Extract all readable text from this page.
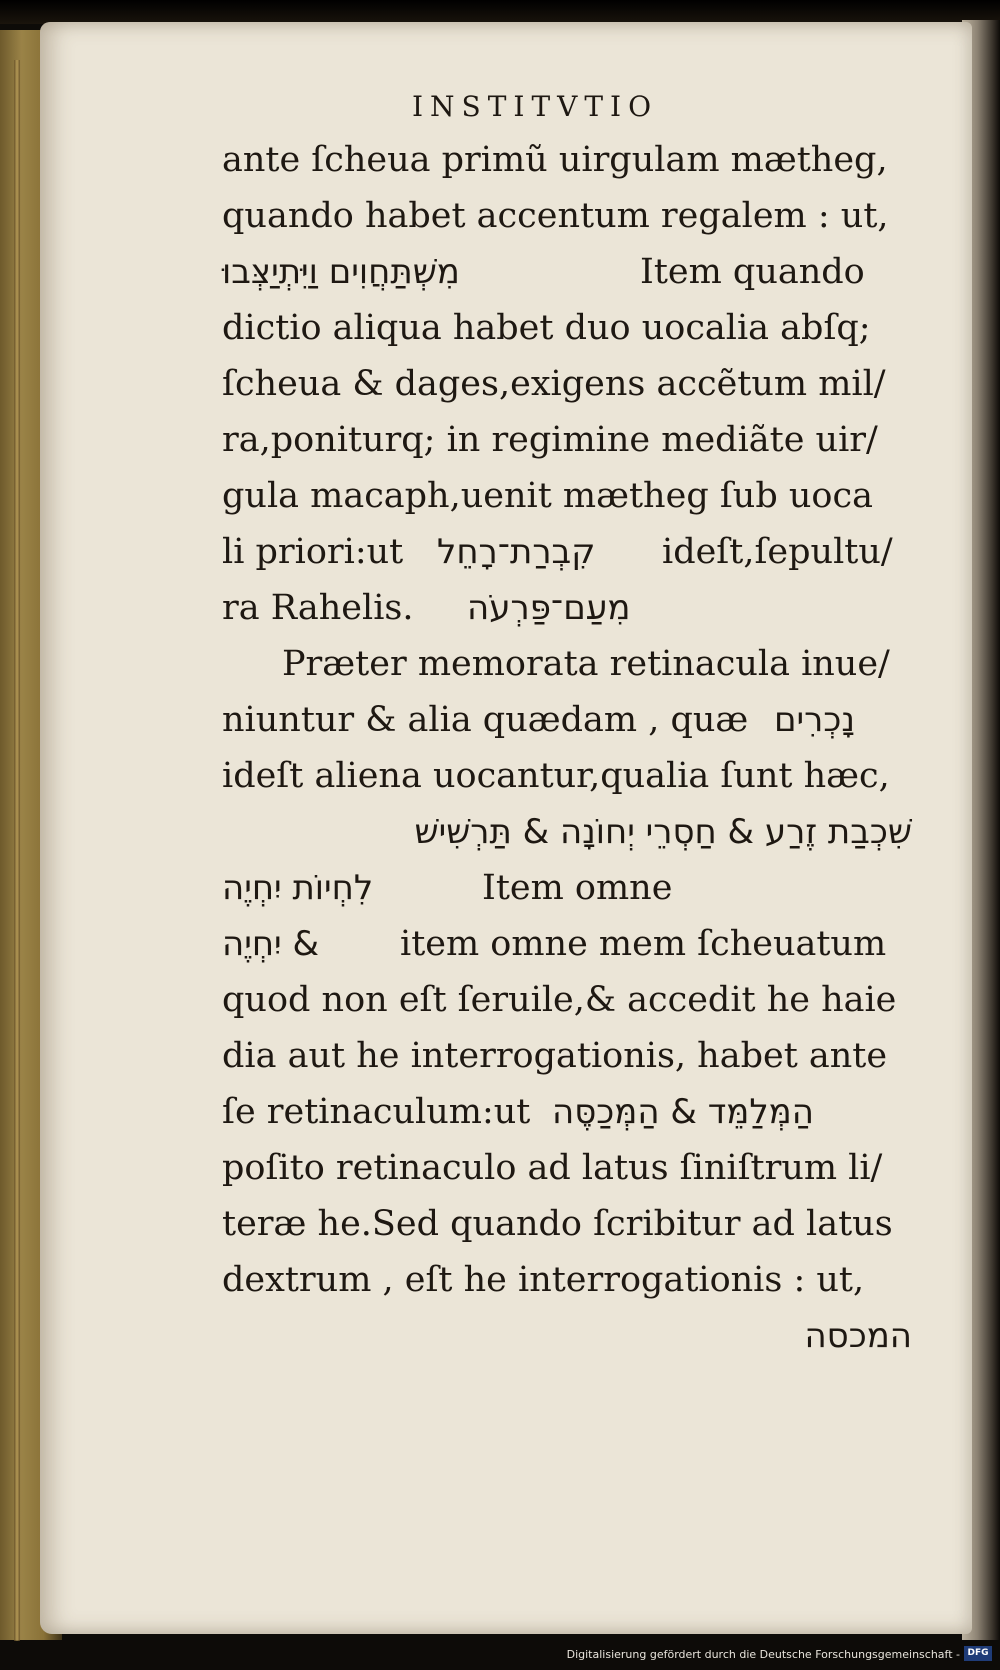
INSTITVTIO
ante ſcheua primũ uirgulam mætheg,
quando habet accentum regalem : ut,
מִשְׁתַּחֲוִים וַיִּתְיַצְּבוּ	Item quando
dictio aliqua habet duo uocalia abſq;
ſcheua & dages,exigens accẽtum mil/
ra,poniturq; in regimine mediãte uir/
gula macaph,uenit mætheg ſub uoca
li priori:ut קִבְרַת־רָחֵל ideſt,ſepultu/
ra Rahelis. מִעַם־פַּרְעֹה
Præter memorata retinacula inue/
niuntur & alia quædam , quæ נָכְרִים
ideſt aliena uocantur,qualia ſunt hæc,
שִׁכְבַת זֶרַע & חַסְרֵי יְחוֹנָה & תַּרְשִׁישׁ
לִחְיוֹת יִחְיֶה	Item omne
& יִחְיֶה item omne mem ſcheuatum
quod non eſt ſeruile,& accedit he haie
dia aut he interrogationis, habet ante
ſe retinaculum:ut הַמְּלַמֵּד & הַמְּכַסֶּה
poſito retinaculo ad latus ſiniſtrum li/
teræ he.Sed quando ſcribitur ad latus
dextrum , eſt he interrogationis : ut,
המכסה
Digitalisierung gefördert durch die Deutsche Forschungsgemeinschaft - DFG
